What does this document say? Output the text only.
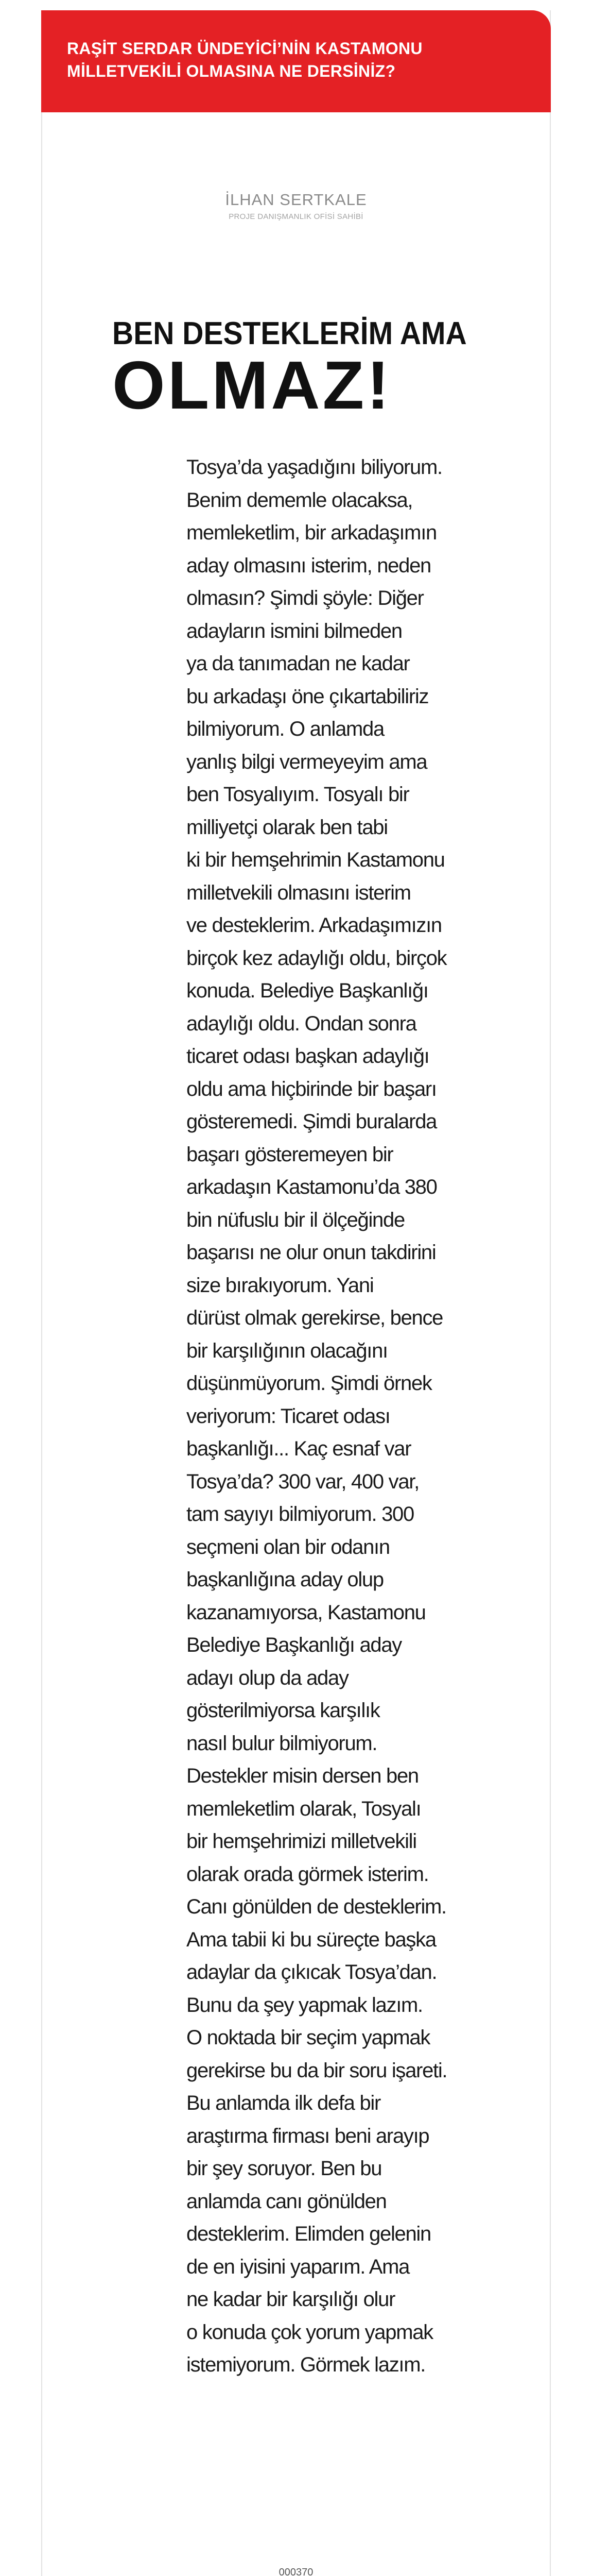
RAŞİT SERDAR ÜNDEYİCİ’NİN KASTAMONU
MİLLETVEKİLİ OLMASINA NE DERSİNİZ?

İLHAN SERTKALE
PROJE DANIŞMANLIK OFİSİ SAHİBİ
BEN DESTEKLERİM AMA
OLMAZ!
Tosya’da yaşadığını biliyorum.
Benim dememle olacaksa,
memleketlim, bir arkadaşımın
aday olmasını isterim, neden
olmasın? Şimdi şöyle: Diğer
adayların ismini bilmeden
ya da tanımadan ne kadar
bu arkadaşı öne çıkartabiliriz
bilmiyorum. O anlamda
yanlış bilgi vermeyeyim ama
ben Tosyalıyım. Tosyalı bir
milliyetçi olarak ben tabi
ki bir hemşehrimin Kastamonu
milletvekili olmasını isterim
ve desteklerim. Arkadaşımızın
birçok kez adaylığı oldu, birçok
konuda. Belediye Başkanlığı
adaylığı oldu. Ondan sonra
ticaret odası başkan adaylığı
oldu ama hiçbirinde bir başarı
gösteremedi. Şimdi buralarda
başarı gösteremeyen bir
arkadaşın Kastamonu’da 380
bin nüfuslu bir il ölçeğinde
başarısı ne olur onun takdirini
size bırakıyorum. Yani
dürüst olmak gerekirse, bence
bir karşılığının olacağını
düşünmüyorum. Şimdi örnek
veriyorum: Ticaret odası
başkanlığı... Kaç esnaf var
Tosya’da? 300 var, 400 var,
tam sayıyı bilmiyorum. 300
seçmeni olan bir odanın
başkanlığına aday olup
kazanamıyorsa, Kastamonu
Belediye Başkanlığı aday
adayı olup da aday
gösterilmiyorsa karşılık
nasıl bulur bilmiyorum.
Destekler misin dersen ben
memleketlim olarak, Tosyalı
bir hemşehrimizi milletvekili
olarak orada görmek isterim.
Canı gönülden de desteklerim.
Ama tabii ki bu süreçte başka
adaylar da çıkıcak Tosya’dan.
Bunu da şey yapmak lazım.
O noktada bir seçim yapmak
gerekirse bu da bir soru işareti.
Bu anlamda ilk defa bir
araştırma firması beni arayıp
bir şey soruyor. Ben bu
anlamda canı gönülden
desteklerim. Elimden gelenin
de en iyisini yaparım. Ama
ne kadar bir karşılığı olur
o konuda çok yorum yapmak
istemiyorum. Görmek lazım.
000370
